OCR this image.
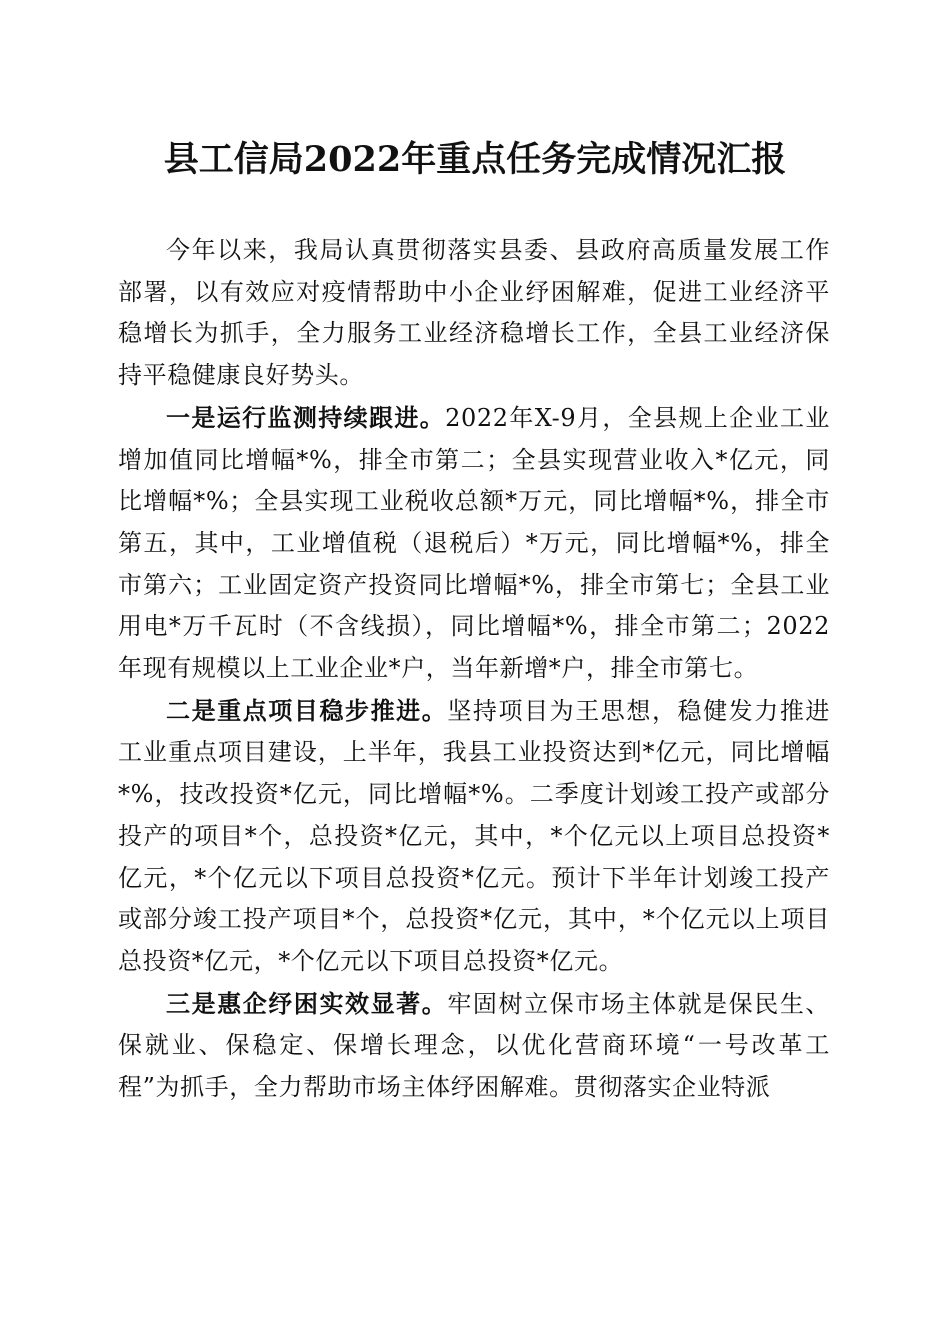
县工信局2022年重点任务完成情况汇报

今年以来，我局认真贯彻落实县委、县政府高质量发展工作部署，以有效应对疫情帮助中小企业纾困解难，促进工业经济平稳增长为抓手，全力服务工业经济稳增长工作，全县工业经济保持平稳健康良好势头。

一是运行监测持续跟进。2022年X-9月，全县规上企业工业增加值同比增幅*%，排全市第二；全县实现营业收入*亿元，同比增幅*%；全县实现工业税收总额*万元，同比增幅*%，排全市第五，其中，工业增值税（退税后）*万元，同比增幅*%，排全市第六；工业固定资产投资同比增幅*%，排全市第七；全县工业用电*万千瓦时（不含线损），同比增幅*%，排全市第二；2022年现有规模以上工业企业*户，当年新增*户，排全市第七。

二是重点项目稳步推进。坚持项目为王思想，稳健发力推进工业重点项目建设，上半年，我县工业投资达到*亿元，同比增幅*%，技改投资*亿元，同比增幅*%。二季度计划竣工投产或部分投产的项目*个，总投资*亿元，其中，*个亿元以上项目总投资*亿元，*个亿元以下项目总投资*亿元。预计下半年计划竣工投产或部分竣工投产项目*个，总投资*亿元，其中，*个亿元以上项目总投资*亿元，*个亿元以下项目总投资*亿元。

三是惠企纾困实效显著。牢固树立保市场主体就是保民生、保就业、保稳定、保增长理念，以优化营商环境“一号改革工程”为抓手，全力帮助市场主体纾困解难。贯彻落实企业特派
